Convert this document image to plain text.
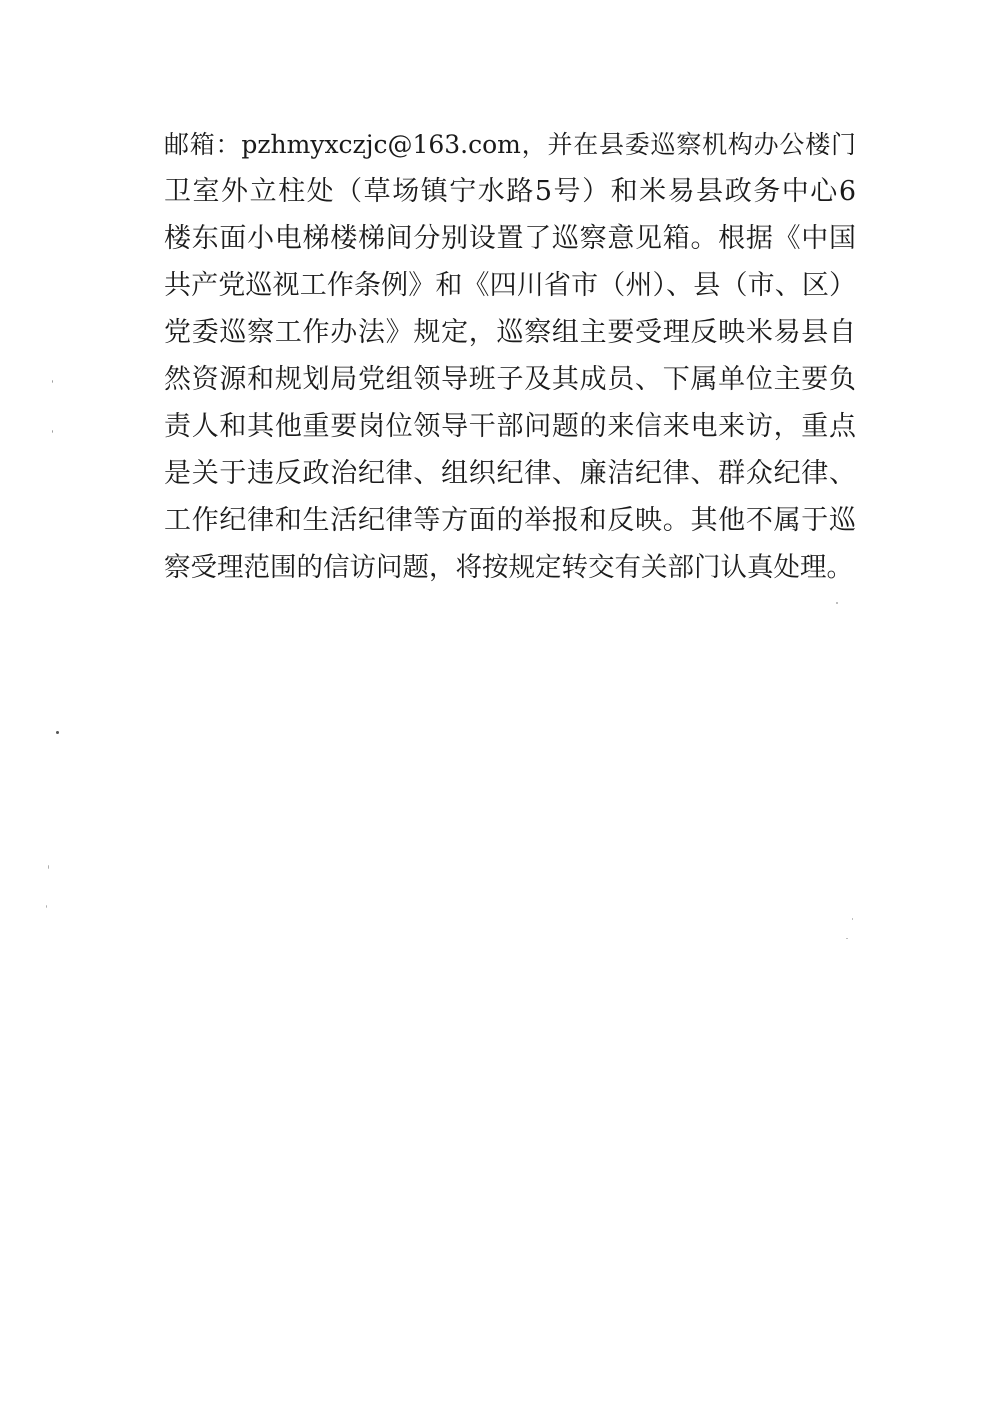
邮箱：pzhmyxczjc@163.com，并在县委巡察机构办公楼门
卫室外立柱处（草场镇宁水路5号）和米易县政务中心6
楼东面小电梯楼梯间分别设置了巡察意见箱。根据《中国
共产党巡视工作条例》和《四川省市（州）、县（市、区）
党委巡察工作办法》规定，巡察组主要受理反映米易县自
然资源和规划局党组领导班子及其成员、下属单位主要负
责人和其他重要岗位领导干部问题的来信来电来访，重点
是关于违反政治纪律、组织纪律、廉洁纪律、群众纪律、
工作纪律和生活纪律等方面的举报和反映。其他不属于巡
察受理范围的信访问题，将按规定转交有关部门认真处理。
